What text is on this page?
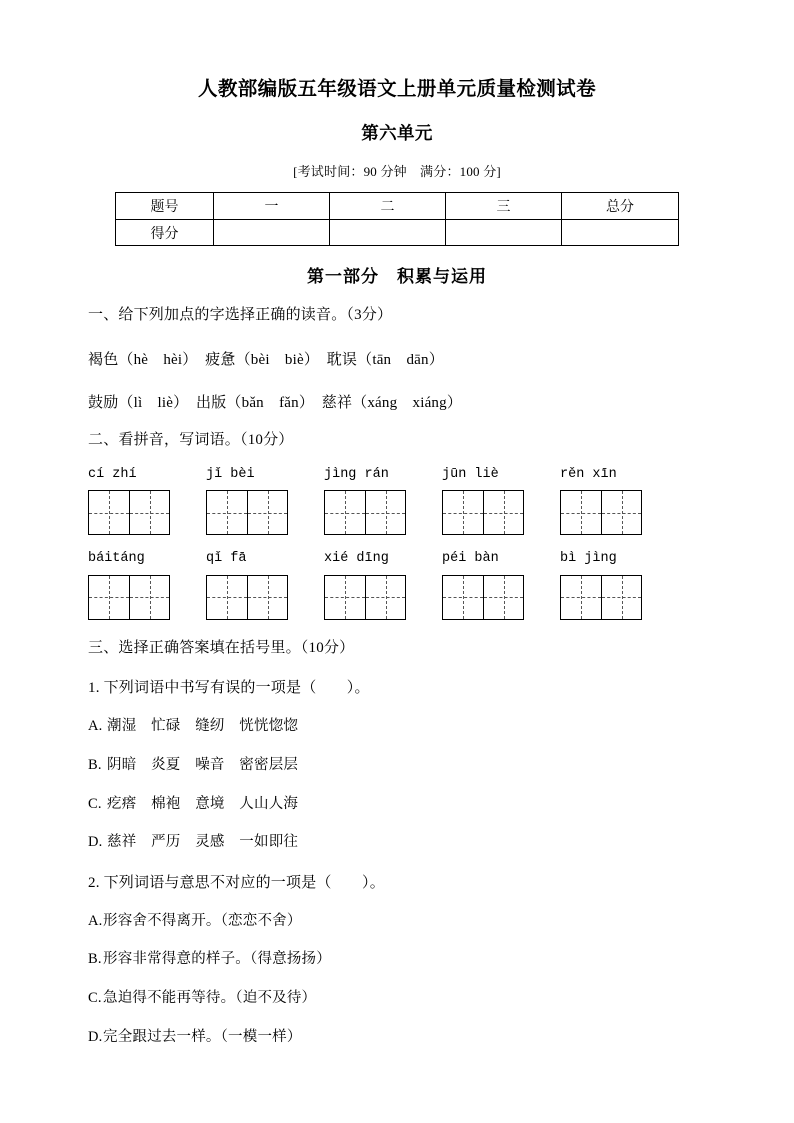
人教部编版五年级语文上册单元质量检测试卷
第六单元

[考试时间：90 分钟　满分：100 分]

题号	一	二	三	总分
得分				
第一部分　积累与运用

一、给下列加点的字选择正确的读音。（3分）

褐色（hè　hèi）　疲惫（bèi　biè）　耽误（tān　dān）

鼓励（lì　liè）　出版（bǎn　fǎn）　慈祥（xáng　xiáng）

二、看拼音，写词语。（10分）

cí zhí	jǐ bèi	jìng rán	jūn liè	rěn xīn
báitáng	qǐ fā	xié dīng	péi bàn	bì jìng

三、选择正确答案填在括号里。（10分）

1. 下列词语中书写有误的一项是（　　）。

A. 潮湿　忙碌　缝纫　恍恍惚惚

B. 阴暗　炎夏　噪音　密密层层

C. 疙瘩　棉袍　意境　人山人海

D. 慈祥　严历　灵感　一如即往

2. 下列词语与意思不对应的一项是（　　）。

A.形容舍不得离开。（恋恋不舍）

B.形容非常得意的样子。（得意扬扬）

C.急迫得不能再等待。（迫不及待）

D.完全跟过去一样。（一模一样）
